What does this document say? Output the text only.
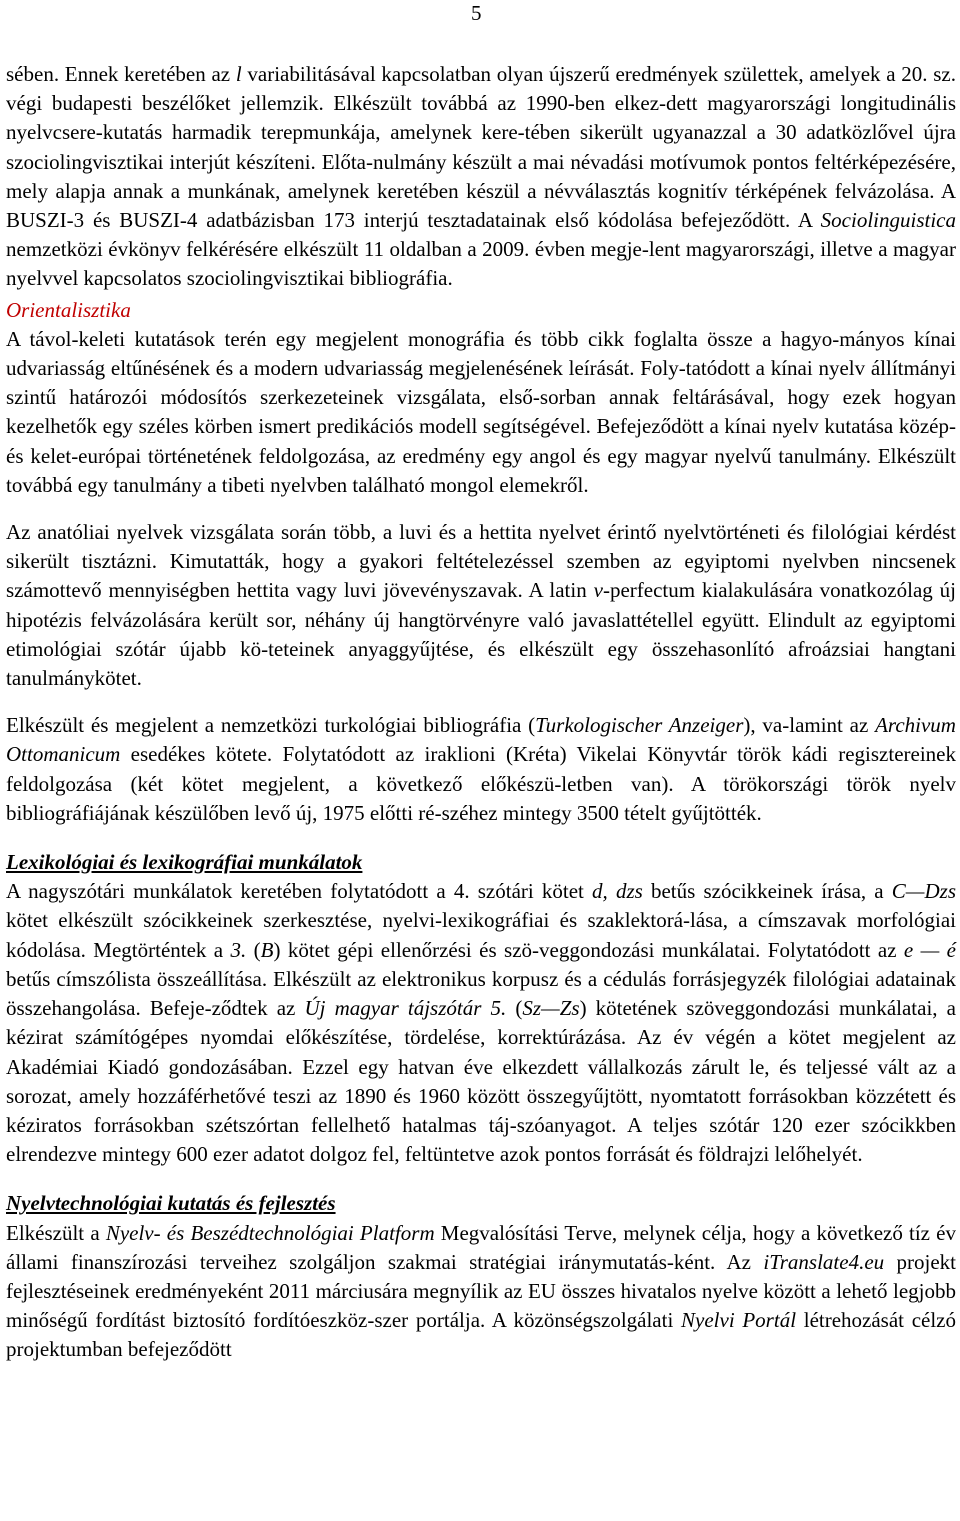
5

sében. Ennek keretében az l variabilitásával kapcsolatban olyan újszerű eredmények születtek, amelyek a 20. sz. végi budapesti beszélőket jellemzik. Elkészült továbbá az 1990-ben elkez-dett magyarországi longitudinális nyelvcsere-kutatás harmadik terepmunkája, amelynek kere-tében sikerült ugyanazzal a 30 adatközlővel újra szociolingvisztikai interjút készíteni. Előta-nulmány készült a mai névadási motívumok pontos feltérképezésére, mely alapja annak a munkának, amelynek keretében készül a névválasztás kognitív térképének felvázolása. A BUSZI-3 és BUSZI-4 adatbázisban 173 interjú tesztadatainak első kódolása befejeződött. A Sociolinguistica nemzetközi évkönyv felkérésére elkészült 11 oldalban a 2009. évben megje-lent magyarországi, illetve a magyar nyelvvel kapcsolatos szociolingvisztikai bibliográfia.

Orientalisztika

A távol-keleti kutatások terén egy megjelent monográfia és több cikk foglalta össze a hagyo-mányos kínai udvariasság eltűnésének és a modern udvariasság megjelenésének leírását. Foly-tatódott a kínai nyelv állítmányi szintű határozói módosítós szerkezeteinek vizsgálata, első-sorban annak feltárásával, hogy ezek hogyan kezelhetők egy széles körben ismert predikációs modell segítségével. Befejeződött a kínai nyelv kutatása közép- és kelet-európai történetének feldolgozása, az eredmény egy angol és egy magyar nyelvű tanulmány. Elkészült továbbá egy tanulmány a tibeti nyelvben található mongol elemekről.

Az anatóliai nyelvek vizsgálata során több, a luvi és a hettita nyelvet érintő nyelvtörténeti és filológiai kérdést sikerült tisztázni. Kimutatták, hogy a gyakori feltételezéssel szemben az egyiptomi nyelvben nincsenek számottevő mennyiségben hettita vagy luvi jövevényszavak. A latin v-perfectum kialakulására vonatkozólag új hipotézis felvázolására került sor, néhány új hangtörvényre való javaslattétellel együtt. Elindult az egyiptomi etimológiai szótár újabb kö-teteinek anyaggyűjtése, és elkészült egy összehasonlító afroázsiai hangtani tanulmánykötet.

Elkészült és megjelent a nemzetközi turkológiai bibliográfia (Turkologischer Anzeiger), va-lamint az Archivum Ottomanicum esedékes kötete. Folytatódott az iraklioni (Kréta) Vikelai Könyvtár török kádi regisztereinek feldolgozása (két kötet megjelent, a következő előkészü-letben van). A törökországi török nyelv bibliográfiájának készülőben levő új, 1975 előtti ré-széhez mintegy 3500 tételt gyűjtötték.

Lexikológiai és lexikográfiai munkálatok

A nagyszótári munkálatok keretében folytatódott a 4. szótári kötet d, dzs betűs szócikkeinek írása, a C—Dzs kötet elkészült szócikkeinek szerkesztése, nyelvi-lexikográfiai és szaklektorá-lása, a címszavak morfológiai kódolása. Megtörténtek a 3. (B) kötet gépi ellenőrzési és szö-veggondozási munkálatai. Folytatódott az e — é betűs címszólista összeállítása. Elkészült az elektronikus korpusz és a cédulás forrásjegyzék filológiai adatainak összehangolása. Befeje-ződtek az Új magyar tájszótár 5. (Sz—Zs) kötetének szöveggondozási munkálatai, a kézirat számítógépes nyomdai előkészítése, tördelése, korrektúrázása. Az év végén a kötet megjelent az Akadémiai Kiadó gondozásában. Ezzel egy hatvan éve elkezdett vállalkozás zárult le, és teljessé vált az a sorozat, amely hozzáférhetővé teszi az 1890 és 1960 között összegyűjtött, nyomtatott forrásokban közzétett és kéziratos forrásokban szétszórtan fellelhető hatalmas táj-szóanyagot. A teljes szótár 120 ezer szócikkben elrendezve mintegy 600 ezer adatot dolgoz fel, feltüntetve azok pontos forrását és földrajzi lelőhelyét.

Nyelvtechnológiai kutatás és fejlesztés

Elkészült a Nyelv- és Beszédtechnológiai Platform Megvalósítási Terve, melynek célja, hogy a következő tíz év állami finanszírozási terveihez szolgáljon szakmai stratégiai iránymutatás-ként. Az iTranslate4.eu projekt fejlesztéseinek eredményeként 2011 márciusára megnyílik az EU összes hivatalos nyelve között a lehető legjobb minőségű fordítást biztosító fordítóeszköz-szer portálja. A közönségszolgálati Nyelvi Portál létrehozását célzó projektumban befejeződött
